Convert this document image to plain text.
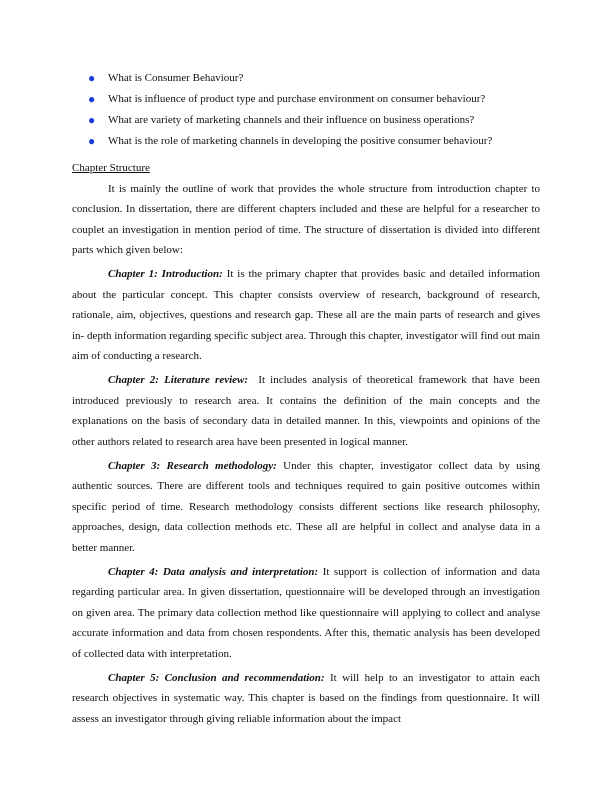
● What is Consumer Behaviour?
● What is influence of product type and purchase environment on consumer behaviour?
● What are variety of marketing channels and their influence on business operations?
● What is the role of marketing channels in developing the positive consumer behaviour?

Chapter Structure

It is mainly the outline of work that provides the whole structure from introduction chapter to conclusion. In dissertation, there are different chapters included and these are helpful for a researcher to couplet an investigation in mention period of time. The structure of dissertation is divided into different parts which given below:

Chapter 1: Introduction: It is the primary chapter that provides basic and detailed information about the particular concept. This chapter consists overview of research, background of research, rationale, aim, objectives, questions and research gap. These all are the main parts of research and gives in- depth information regarding specific subject area. Through this chapter, investigator will find out main aim of conducting a research.

Chapter 2: Literature review: It includes analysis of theoretical framework that have been introduced previously to research area. It contains the definition of the main concepts and the explanations on the basis of secondary data in detailed manner. In this, viewpoints and opinions of the other authors related to research area have been presented in logical manner.

Chapter 3: Research methodology: Under this chapter, investigator collect data by using authentic sources. There are different tools and techniques required to gain positive outcomes within specific period of time. Research methodology consists different sections like research philosophy, approaches, design, data collection methods etc. These all are helpful in collect and analyse data in a better manner.

Chapter 4: Data analysis and interpretation: It support is collection of information and data regarding particular area. In given dissertation, questionnaire will be developed through an investigation on given area. The primary data collection method like questionnaire will applying to collect and analyse accurate information and data from chosen respondents. After this, thematic analysis has been developed of collected data with interpretation.

Chapter 5: Conclusion and recommendation: It will help to an investigator to attain each research objectives in systematic way. This chapter is based on the findings from questionnaire. It will assess an investigator through giving reliable information about the impact
